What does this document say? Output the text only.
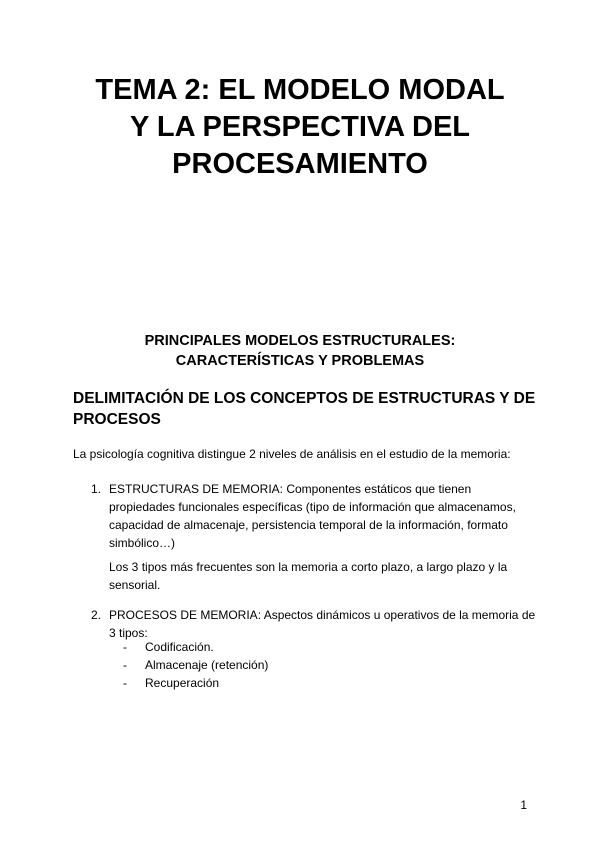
TEMA 2: EL MODELO MODAL
Y LA PERSPECTIVA DEL
PROCESAMIENTO
PRINCIPALES MODELOS ESTRUCTURALES:
CARACTERÍSTICAS Y PROBLEMAS
DELIMITACIÓN DE LOS CONCEPTOS DE ESTRUCTURAS Y DE PROCESOS

La psicología cognitiva distingue 2 niveles de análisis en el estudio de la memoria:

1. ESTRUCTURAS DE MEMORIA: Componentes estáticos que tienen propiedades funcionales específicas (tipo de información que almacenamos, capacidad de almacenaje, persistencia temporal de la información, formato simbólico…)

Los 3 tipos más frecuentes son la memoria a corto plazo, a largo plazo y la sensorial.

2. PROCESOS DE MEMORIA: Aspectos dinámicos u operativos de la memoria de 3 tipos:

- Codificación.
- Almacenaje (retención)
- Recuperación
1
